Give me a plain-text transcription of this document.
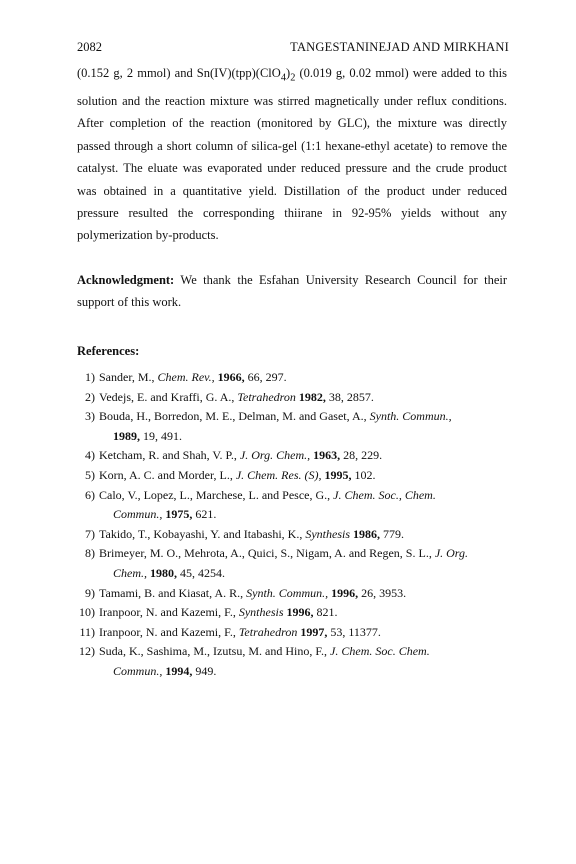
2082	TANGESTANINEJAD AND MIRKHANI

(0.152 g, 2 mmol) and $Sn(IV)(tpp)(ClO_4)_2$ (0.019 g, 0.02 mmol) were added to this solution and the reaction mixture was stirred magnetically under reflux conditions. After completion of the reaction (monitored by GLC), the mixture was directly passed through a short column of silica-gel (1:1 hexane-ethyl acetate) to remove the catalyst. The eluate was evaporated under reduced pressure and the crude product was obtained in a quantitative yield. Distillation of the product under reduced pressure resulted the corresponding thiirane in 92-95% yields without any polymerization by-products.

Acknowledgment: We thank the Esfahan University Research Council for their support of this work.

References:

1) Sander, M., Chem. Rev., 1966, 66, 297.
2) Vedejs, E. and Kraffi, G. A., Tetrahedron 1982, 38, 2857.
3) Bouda, H., Borredon, M. E., Delman, M. and Gaset, A., Synth. Commun.,
1989, 19, 491.
4) Ketcham, R. and Shah, V. P., J. Org. Chem., 1963, 28, 229.
5) Korn, A. C. and Morder, L., J. Chem. Res. (S), 1995, 102.
6) Calo, V., Lopez, L., Marchese, L. and Pesce, G., J. Chem. Soc., Chem.
Commun., 1975, 621.
7) Takido, T., Kobayashi, Y. and Itabashi, K., Synthesis 1986, 779.
8) Brimeyer, M. O., Mehrota, A., Quici, S., Nigam, A. and Regen, S. L., J. Org.
Chem., 1980, 45, 4254.
9) Tamami, B. and Kiasat, A. R., Synth. Commun., 1996, 26, 3953.
10) Iranpoor, N. and Kazemi, F., Synthesis 1996, 821.
11) Iranpoor, N. and Kazemi, F., Tetrahedron 1997, 53, 11377.
12) Suda, K., Sashima, M., Izutsu, M. and Hino, F., J. Chem. Soc. Chem.
Commun., 1994, 949.
